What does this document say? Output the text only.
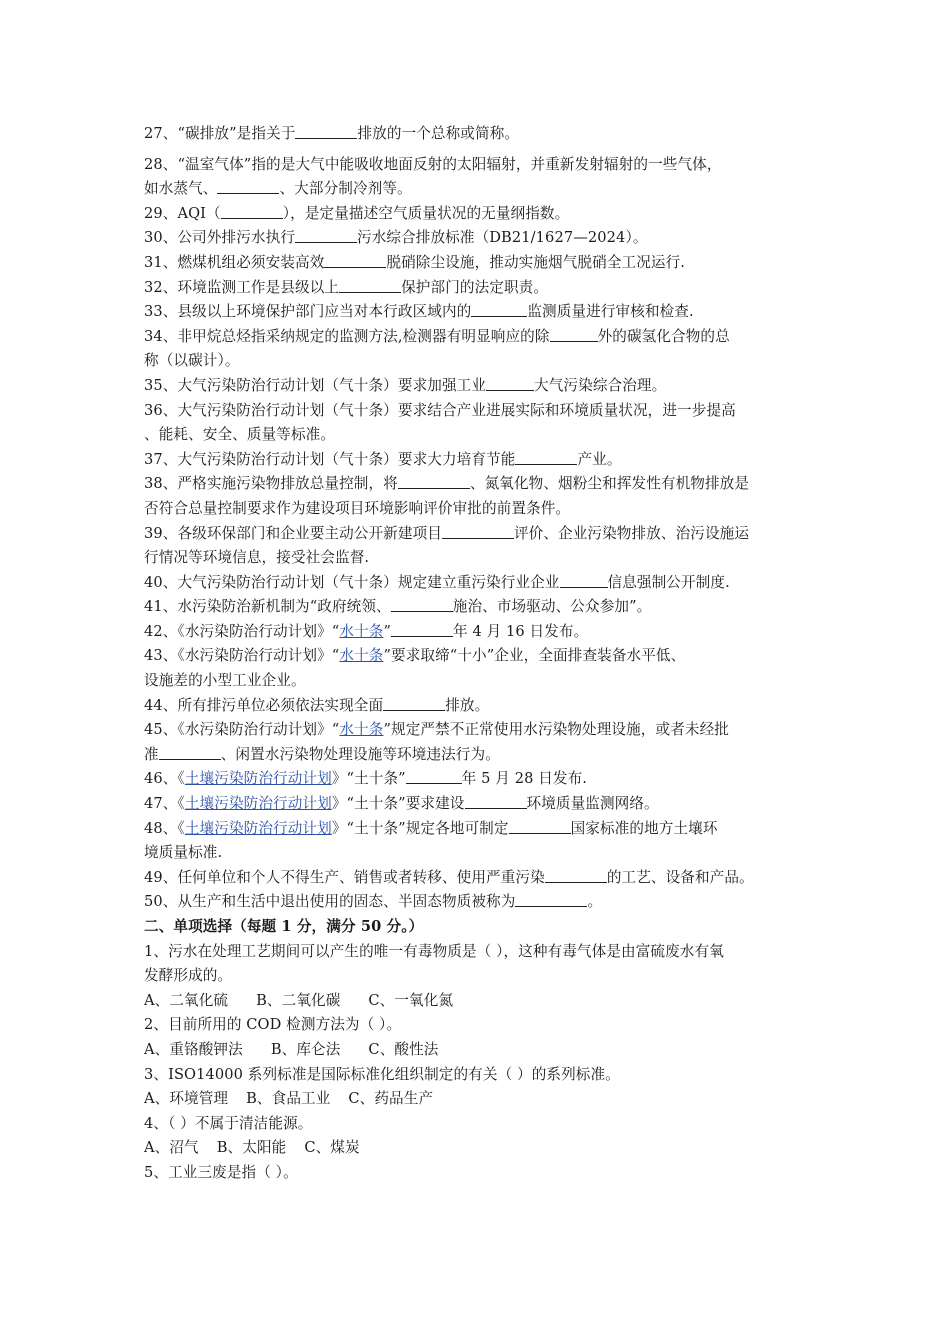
27、“碳排放”是指关于	排放的一个总称或简称。
28、“温室气体”指的是大气中能吸收地面反射的太阳辐射，并重新发射辐射的一些气体，
如水蒸气、	、大部分制冷剂等。
29、AQI（	），是定量描述空气质量状况的无量纲指数。
30、公司外排污水执行	污水综合排放标准（DB21/1627—2024）。
31、燃煤机组必须安装高效	脱硝除尘设施，推动实施烟气脱硝全工况运行.
32、环境监测工作是县级以上	保护部门的法定职责。
33、县级以上环境保护部门应当对本行政区域内的	监测质量进行审核和检查.
34、非甲烷总烃指采纳规定的监测方法,检测器有明显响应的除	外的碳氢化合物的总
称（以碳计）。
35、大气污染防治行动计划（气十条）要求加强工业	大气污染综合治理。
36、大气污染防治行动计划（气十条）要求结合产业进展实际和环境质量状况，进一步提高
、能耗、安全、质量等标准。
37、大气污染防治行动计划（气十条）要求大力培育节能	产业。
38、严格实施污染物排放总量控制，将	、氮氧化物、烟粉尘和挥发性有机物排放是
否符合总量控制要求作为建设项目环境影响评价审批的前置条件。
39、各级环保部门和企业要主动公开新建项目	评价、企业污染物排放、治污设施运
行情况等环境信息，接受社会监督.
40、大气污染防治行动计划（气十条）规定建立重污染行业企业	信息强制公开制度.
41、水污染防治新机制为“政府统领、	施治、市场驱动、公众参加”。
42、《水污染防治行动计划》“水十条”	年 4 月 16 日发布。
43、《水污染防治行动计划》“水十条”要求取缔“十小”企业，全面排查装备水平低、
设施差的小型工业企业。
44、所有排污单位必须依法实现全面	排放。
45、《水污染防治行动计划》“水十条”规定严禁不正常使用水污染物处理设施，或者未经批
准	、闲置水污染物处理设施等环境违法行为。
46、《土壤污染防治行动计划》“土十条”	年 5 月 28 日发布.
47、《土壤污染防治行动计划》“土十条”要求建设	环境质量监测网络。
48、《土壤污染防治行动计划》“土十条”规定各地可制定	国家标准的地方土壤环
境质量标准.
49、任何单位和个人不得生产、销售或者转移、使用严重污染	的工艺、设备和产品。
50、从生产和生活中退出使用的固态、半固态物质被称为	。
二、单项选择（每题 1 分，满分 50 分。）
1、污水在处理工艺期间可以产生的唯一有毒物质是（ ），这种有毒气体是由富硫废水有氧
发酵形成的。
A、二氧化硫 B、二氧化碳 C、一氧化氮
2、目前所用的 COD 检测方法为（ ）。
A、重铬酸钾法 B、库仑法 C、酸性法
3、ISO14000 系列标准是国际标准化组织制定的有关（ ）的系列标准。
A、环境管理 B、食品工业 C、药品生产
4、（ ）不属于清洁能源。
A、沼气 B、太阳能 C、煤炭
5、工业三废是指（ ）。
